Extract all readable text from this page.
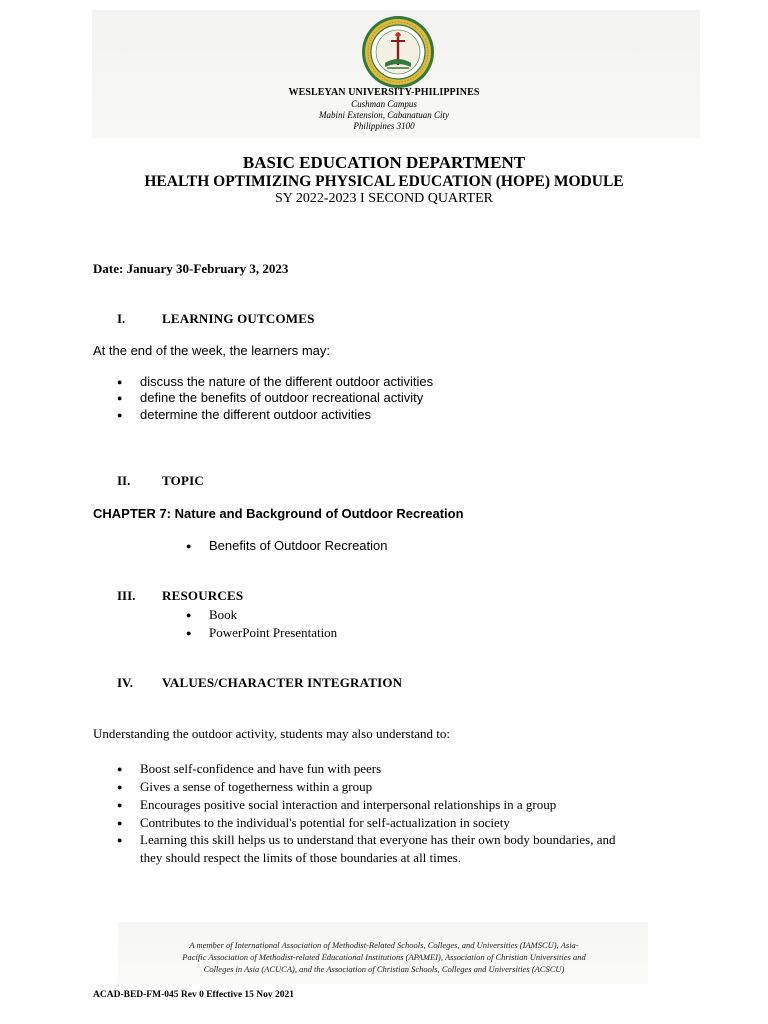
WESLEYAN UNIVERSITY-PHILIPPINES
Cushman Campus
Mabini Extension, Cabanatuan City
Philippines 3100
BASIC EDUCATION DEPARTMENT
HEALTH OPTIMIZING PHYSICAL EDUCATION (HOPE) MODULE
SY 2022-2023 I SECOND QUARTER
Date: January 30-February 3, 2023
I.	LEARNING OUTCOMES
At the end of the week, the learners may:
● discuss the nature of the different outdoor activities
● define the benefits of outdoor recreational activity
● determine the different outdoor activities
II. TOPIC
CHAPTER 7: Nature and Background of Outdoor Recreation
● Benefits of Outdoor Recreation
III. RESOURCES
● Book
● PowerPoint Presentation
IV. VALUES/CHARACTER INTEGRATION
Understanding the outdoor activity, students may also understand to:
● Boost self-confidence and have fun with peers
● Gives a sense of togetherness within a group
● Encourages positive social interaction and interpersonal relationships in a group
● Contributes to the individual's potential for self-actualization in society
● Learning this skill helps us to understand that everyone has their own body boundaries, and
they should respect the limits of those boundaries at all times.
A member of International Association of Methodist-Related Schools, Colleges, and Universities (IAMSCU), Asia-
Pacific Association of Methodist-related Educational Institutions (APAMEI), Association of Christian Universities and
Colleges in Asia (ACUCA), and the Association of Christian Schools, Colleges and Universities (ACSCU)
ACAD-BED-FM-045 Rev 0 Effective 15 Nov 2021
